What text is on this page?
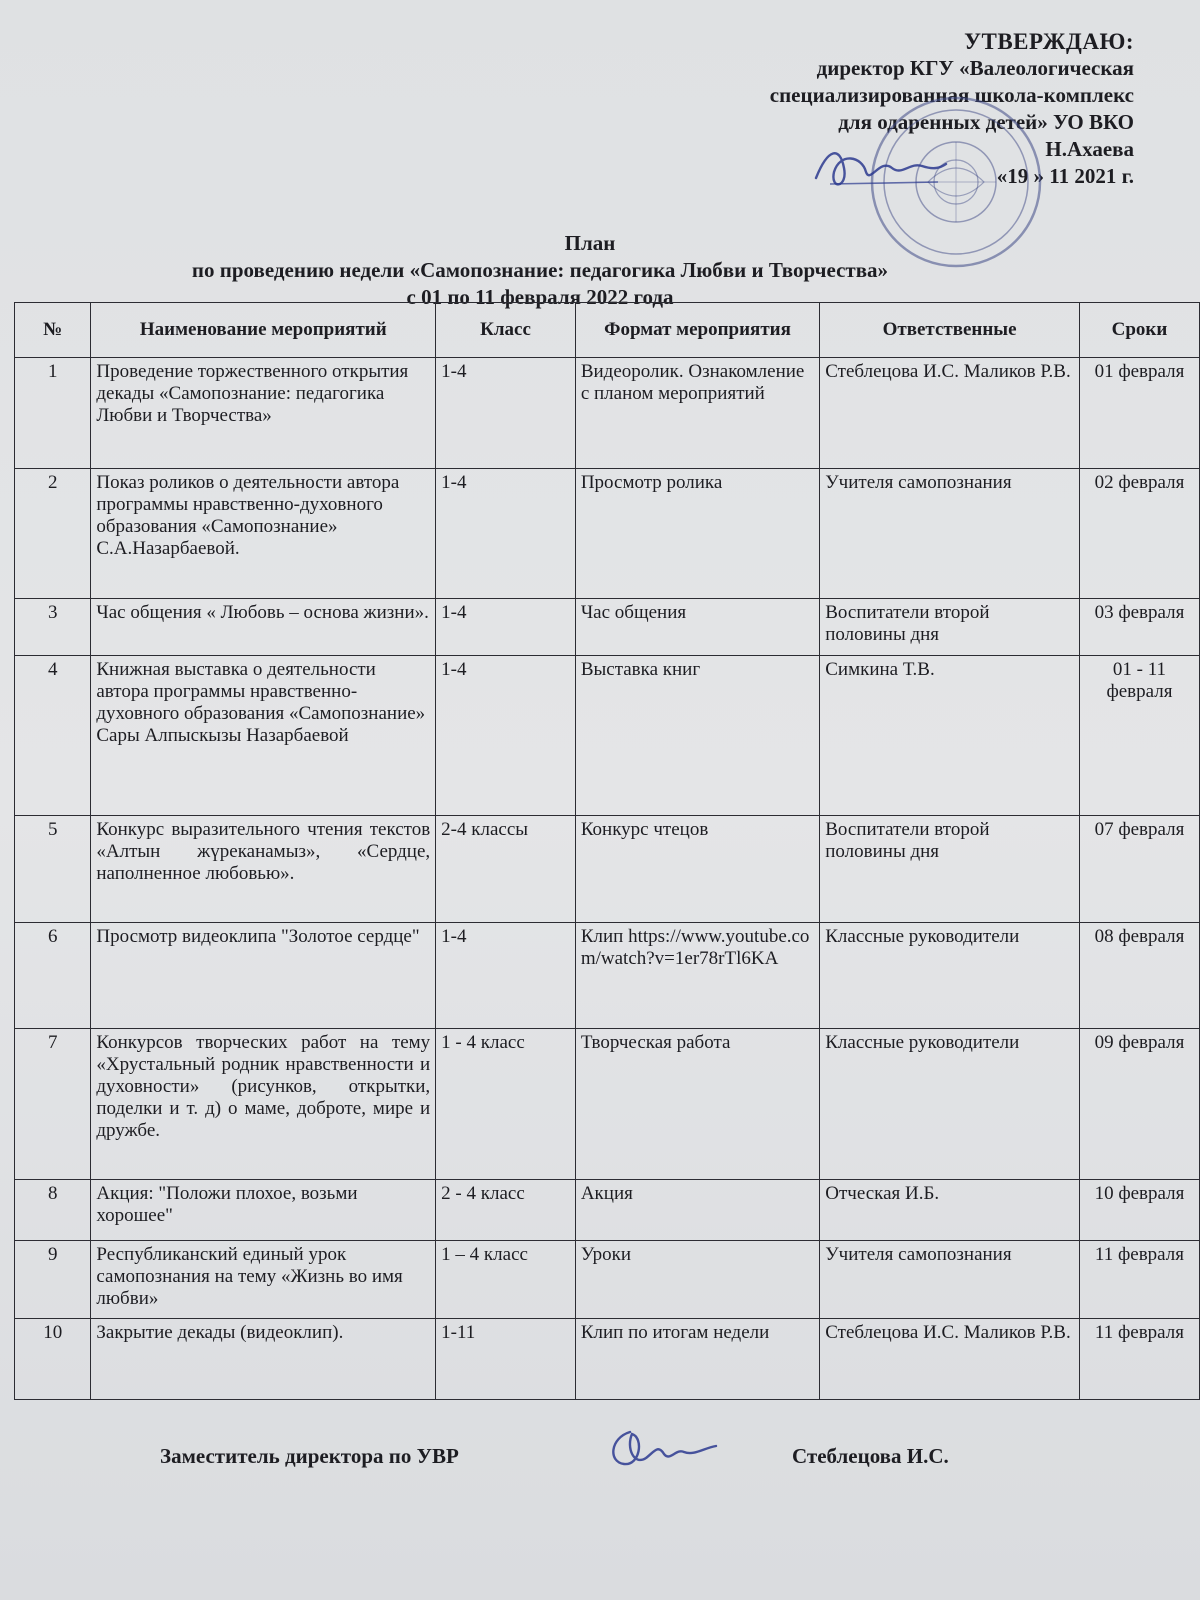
УТВЕРЖДАЮ:
директор КГУ «Валеологическая
специализированная школа-комплекс
для одаренных детей» УО ВКО
Н.Ахаева
«19 » 11 2021 г.
План
по проведению недели «Самопознание: педагогика Любви и Творчества»
с 01 по 11 февраля 2022 года
№	Наименование мероприятий	Класс	Формат мероприятия	Ответственные	Сроки
1	Проведение торжественного открытия декады «Самопознание: педагогика Любви и Творчества»	1-4	Видеоролик. Ознакомление с планом мероприятий	Стеблецова И.С. Маликов Р.В.	01 февраля
2	Показ роликов о деятельности автора программы нравственно-духовного образования «Самопознание» С.А.Назарбаевой.	1-4	Просмотр ролика	Учителя самопознания	02 февраля
3	Час общения « Любовь – основа жизни».	1-4	Час общения	Воспитатели второй половины дня	03 февраля
4	Книжная выставка о деятельности автора программы нравственно-духовного образования «Самопознание» Сары Алпыскызы Назарбаевой	1-4	Выставка книг	Симкина Т.В.	01 - 11 февраля
5	Конкурс выразительного чтения текстов «Алтын жүреканамыз», «Сердце, наполненное любовью».	2-4 классы	Конкурс чтецов	Воспитатели второй половины дня	07 февраля
6	Просмотр видеоклипа "Золотое сердце"	1-4	Клип https://www.youtube.com/watch?v=1er78rTl6KA	Классные руководители	08 февраля
7	Конкурсов творческих работ на тему «Хрустальный родник нравственности и духовности» (рисунков, открытки, поделки и т. д) о маме, доброте, мире и дружбе.	1 - 4 класс	Творческая работа	Классные руководители	09 февраля
8	Акция: "Положи плохое, возьми хорошее"	2 - 4 класс	Акция	Отческая И.Б.	10 февраля
9	Республиканский единый урок самопознания на тему «Жизнь во имя любви»	1 – 4 класс	Уроки	Учителя самопознания	11 февраля
10	Закрытие декады (видеоклип).	1-11	Клип по итогам недели	Стеблецова И.С. Маликов Р.В.	11 февраля
Заместитель директора по УВР	Стеблецова И.С.
